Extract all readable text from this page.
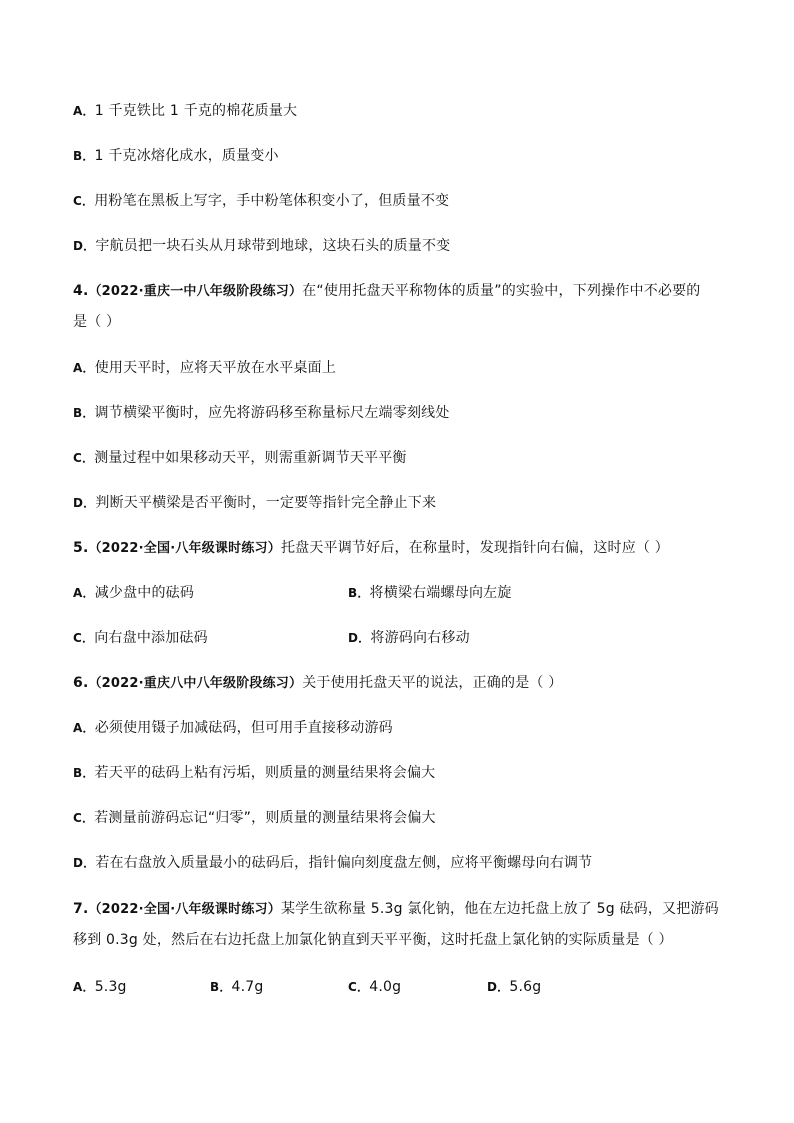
A．1 千克铁比 1 千克的棉花质量大
B．1 千克冰熔化成水，质量变小
C．用粉笔在黑板上写字，手中粉笔体积变小了，但质量不变
D．宇航员把一块石头从月球带到地球，这块石头的质量不变
4.（2022·重庆一中八年级阶段练习）在“使用托盘天平称物体的质量”的实验中，下列操作中不必要的
是（ ）
A．使用天平时，应将天平放在水平桌面上
B．调节横梁平衡时，应先将游码移至称量标尺左端零刻线处
C．测量过程中如果移动天平，则需重新调节天平平衡
D．判断天平横梁是否平衡时，一定要等指针完全静止下来
5.（2022·全国·八年级课时练习）托盘天平调节好后，在称量时，发现指针向右偏，这时应（ ）
A．减少盘中的砝码	B．将横梁右端螺母向左旋
C．向右盘中添加砝码	D．将游码向右移动
6.（2022·重庆八中八年级阶段练习）关于使用托盘天平的说法，正确的是（ ）
A．必须使用镊子加减砝码，但可用手直接移动游码
B．若天平的砝码上粘有污垢，则质量的测量结果将会偏大
C．若测量前游码忘记“归零”，则质量的测量结果将会偏大
D．若在右盘放入质量最小的砝码后，指针偏向刻度盘左侧，应将平衡螺母向右调节
7.（2022·全国·八年级课时练习）某学生欲称量 5.3g 氯化钠，他在左边托盘上放了 5g 砝码，又把游码
移到 0.3g 处，然后在右边托盘上加氯化钠直到天平平衡，这时托盘上氯化钠的实际质量是（ ）
A．5.3g	B．4.7g	C．4.0g	D．5.6g
